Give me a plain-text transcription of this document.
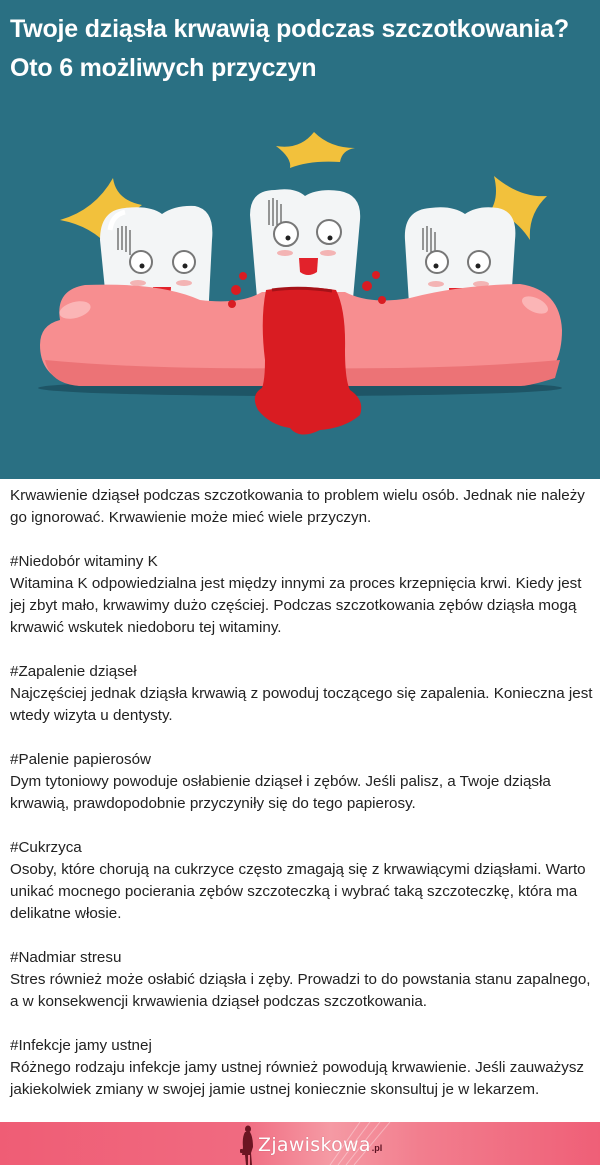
Twoje dziąsła krwawią podczas szczotkowania? Oto 6 możliwych przyczyn

Krwawienie dziąseł podczas szczotkowania to problem wielu osób. Jednak nie należy go ignorować. Krwawienie może mieć wiele przyczyn.

#Niedobór witaminy K

Witamina K odpowiedzialna jest między innymi za proces krzepnięcia krwi. Kiedy jest jej zbyt mało, krwawimy dużo częściej. Podczas szczotkowania zębów dziąsła mogą krwawić wskutek niedoboru tej witaminy.

#Zapalenie dziąseł

Najczęściej jednak dziąsła krwawią z powoduj toczącego się zapalenia. Konieczna jest wtedy wizyta u dentysty.

#Palenie papierosów

Dym tytoniowy powoduje osłabienie dziąseł i zębów. Jeśli palisz, a Twoje dziąsła krwawią, prawdopodobnie przyczyniły się do tego papierosy.

#Cukrzyca

Osoby, które chorują na cukrzyce często zmagają się z krwawiącymi dziąsłami. Warto unikać mocnego pocierania zębów szczoteczką i wybrać taką szczoteczkę, która ma delikatne włosie.

#Nadmiar stresu

Stres również może osłabić dziąsła i zęby. Prowadzi to do powstania stanu zapalnego, a w konsekwencji krwawienia dziąseł podczas szczotkowania.

#Infekcje jamy ustnej

Różnego rodzaju infekcje jamy ustnej również powodują krwawienie. Jeśli zauważysz jakiekolwiek zmiany w swojej jamie ustnej koniecznie skonsultuj je w lekarzem.

Zjawiskowa .pl
